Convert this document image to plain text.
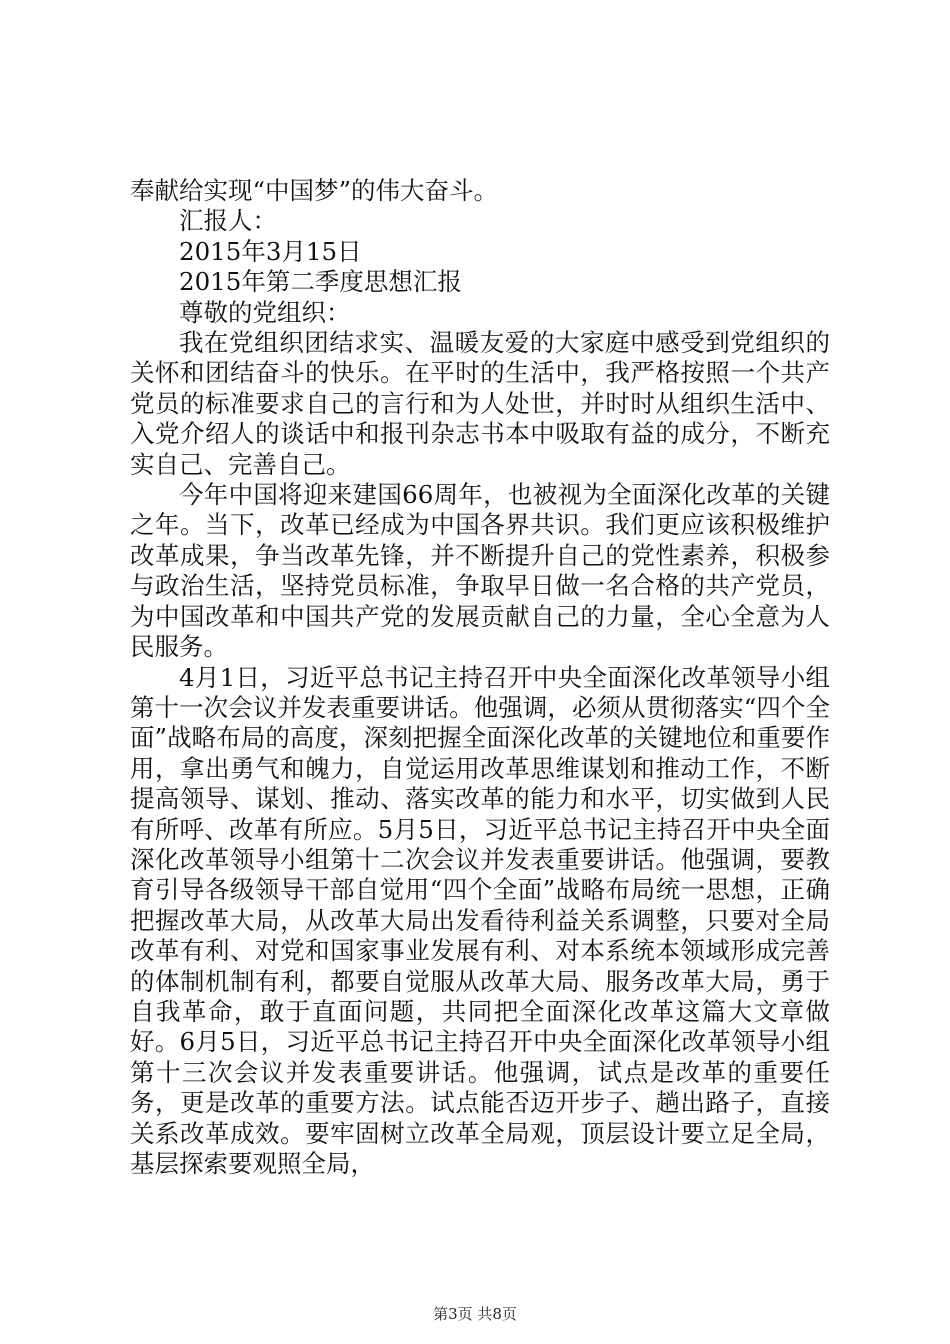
奉献给实现“中国梦”的伟大奋斗。

汇报人：

2015年3月15日

2015年第二季度思想汇报

尊敬的党组织：

我在党组织团结求实、温暖友爱的大家庭中感受到党组织的关怀和团结奋斗的快乐。在平时的生活中，我严格按照一个共产党员的标准要求自己的言行和为人处世，并时时从组织生活中、入党介绍人的谈话中和报刊杂志书本中吸取有益的成分，不断充实自己、完善自己。

今年中国将迎来建国66周年，也被视为全面深化改革的关键之年。当下，改革已经成为中国各界共识。我们更应该积极维护改革成果，争当改革先锋，并不断提升自己的党性素养，积极参与政治生活，坚持党员标准，争取早日做一名合格的共产党员，为中国改革和中国共产党的发展贡献自己的力量，全心全意为人民服务。

4月1日，习近平总书记主持召开中央全面深化改革领导小组第十一次会议并发表重要讲话。他强调，必须从贯彻落实“四个全面”战略布局的高度，深刻把握全面深化改革的关键地位和重要作用，拿出勇气和魄力，自觉运用改革思维谋划和推动工作，不断提高领导、谋划、推动、落实改革的能力和水平，切实做到人民有所呼、改革有所应。5月5日，习近平总书记主持召开中央全面深化改革领导小组第十二次会议并发表重要讲话。他强调，要教育引导各级领导干部自觉用“四个全面”战略布局统一思想，正确把握改革大局，从改革大局出发看待利益关系调整，只要对全局改革有利、对党和国家事业发展有利、对本系统本领域形成完善的体制机制有利，都要自觉服从改革大局、服务改革大局，勇于自我革命，敢于直面问题，共同把全面深化改革这篇大文章做好。6月5日，习近平总书记主持召开中央全面深化改革领导小组第十三次会议并发表重要讲话。他强调，试点是改革的重要任务，更是改革的重要方法。试点能否迈开步子、趟出路子，直接关系改革成效。要牢固树立改革全局观，顶层设计要立足全局，基层探索要观照全局，

第3页 共8页
